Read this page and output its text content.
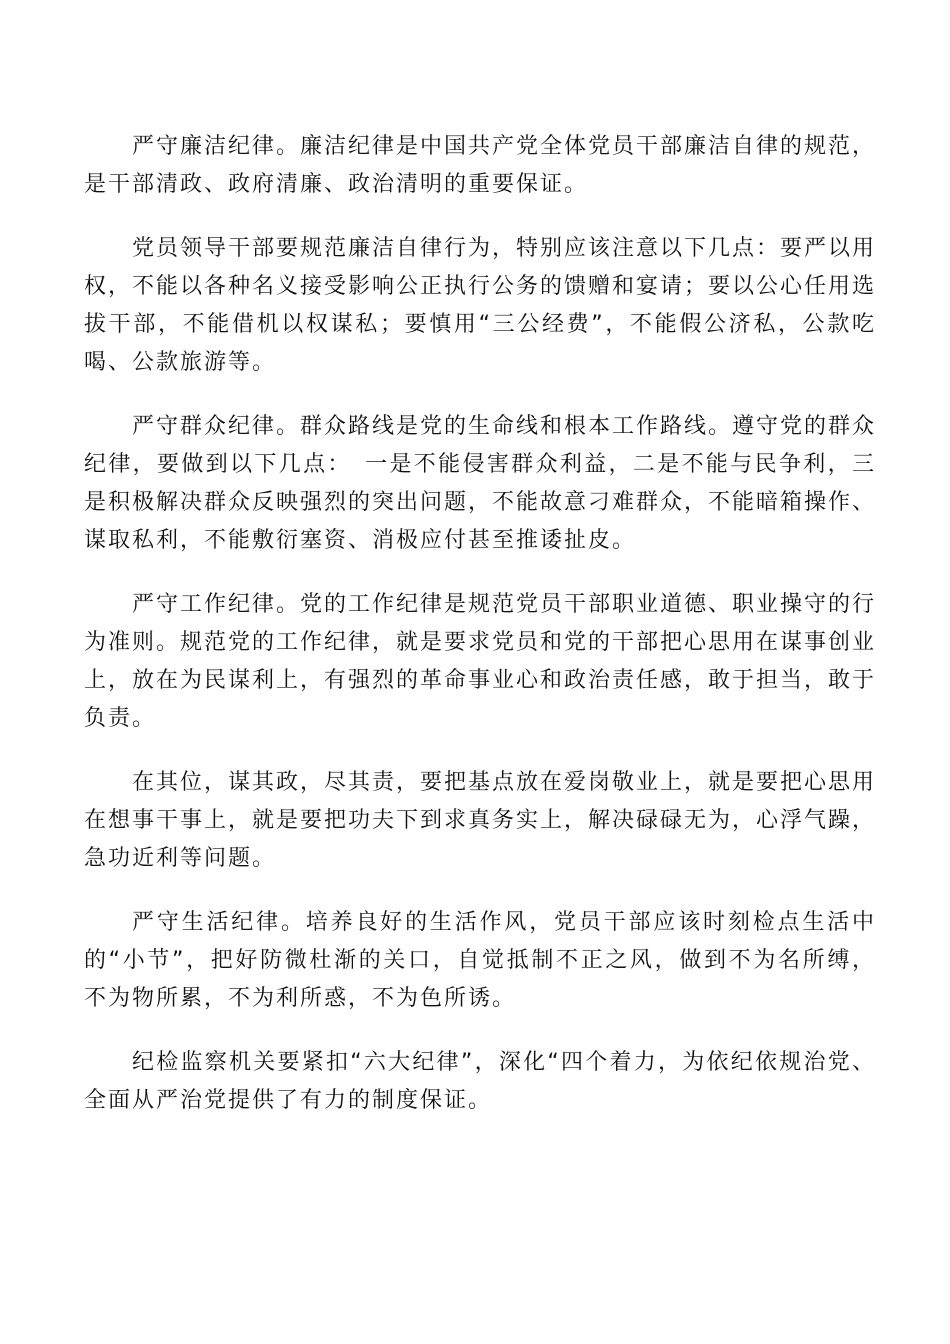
严守廉洁纪律。廉洁纪律是中国共产党全体党员干部廉洁自律的规范，是干部清政、政府清廉、政治清明的重要保证。

党员领导干部要规范廉洁自律行为，特别应该注意以下几点：要严以用权，不能以各种名义接受影响公正执行公务的馈赠和宴请；要以公心任用选拔干部，不能借机以权谋私；要慎用“三公经费”，不能假公济私，公款吃喝、公款旅游等。

严守群众纪律。群众路线是党的生命线和根本工作路线。遵守党的群众纪律，要做到以下几点：　一是不能侵害群众利益，二是不能与民争利，三是积极解决群众反映强烈的突出问题，不能故意刁难群众，不能暗箱操作、谋取私利，不能敷衍塞资、消极应付甚至推诿扯皮。

严守工作纪律。党的工作纪律是规范党员干部职业道德、职业操守的行为准则。规范党的工作纪律，就是要求党员和党的干部把心思用在谋事创业上，放在为民谋利上，有强烈的革命事业心和政治责任感，敢于担当，敢于负责。

在其位，谋其政，尽其责，要把基点放在爱岗敬业上，就是要把心思用在想事干事上，就是要把功夫下到求真务实上，解决碌碌无为，心浮气躁，急功近利等问题。

严守生活纪律。培养良好的生活作风，党员干部应该时刻检点生活中的“小节”，把好防微杜渐的关口，自觉抵制不正之风，做到不为名所缚，不为物所累，不为利所惑，不为色所诱。

纪检监察机关要紧扣“六大纪律”，深化“四个着力，为依纪依规治党、全面从严治党提供了有力的制度保证。
